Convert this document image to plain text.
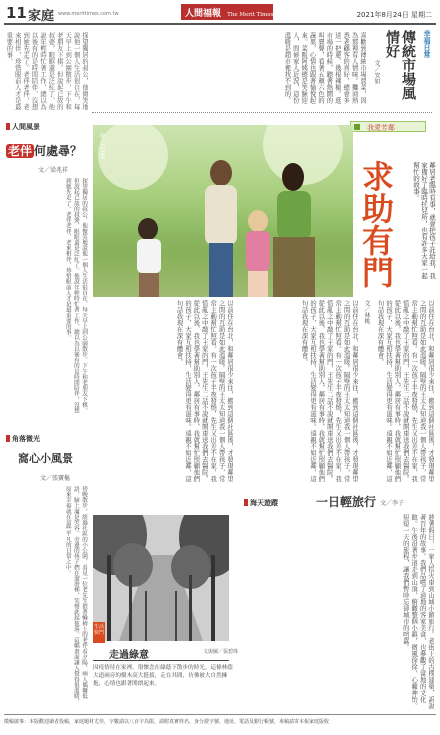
11 家庭 www.merittimes.com.tw	人間福報 The Merit Times	2021年8月24日 星期二
幸福日常
傳統市場風情好
文／安如
喜歡到傳統市場買菜，因為那裡有人情味。攤商熟悉老顧客的喜好，總會多送一把蔥、幾根辣椒。逛市場的時候，聽著熱鬧的叫賣聲，看著五顏六色的蔬果，心情也跟著愉悅起來。菜販阿姨總是笑臉迎人，問候家人近況，這份溫暖是超市裡找不到的。
探望獨居的叔公，他微笑地說他一個人生活很自在，每天早上到公園散步，下午和老朋友下棋。但說起已故的叔婆，眼眶還是泛紅了。他說年輕時忙著工作，總以為以後有的是時間陪伴，沒想到她先走了。老伴老伴，老來相伴，珍惜眼前人才是最重要的事。
我愛芳鄰
圖／123RF
求助有門	鄰居老臨時有事，就會把孩子託給我，我家備好了臨時托兒所，也有許多大家一起幫忙的故事。
文／林桃
以前住在台北，和鄰居很少來往，搬到這個社區後，才發現鄰里之間的互助是如此溫暖。隔壁的王太太知道我一個人帶孩子，常常主動幫忙照看。有一次孩子半夜發燒，先生又出差不在家，我慌亂之中敲了王家的門，王先生二話不說就開車送我們去醫院。從此以後，我也學著幫助別人，鄰居有事時，我就幫忙照顧他們的孩子，大家互相扶持，生活變得更有滋味。遠親不如近鄰，這句話我現在深有體會。
以前住在台北，和鄰居很少來往，搬到這個社區後，才發現鄰里之間的互助是如此溫暖。隔壁的王太太知道我一個人帶孩子，常常主動幫忙照看。有一次孩子半夜發燒，先生又出差不在家，我慌亂之中敲了王家的門，王先生二話不說就開車送我們去醫院。從此以後，我也學著幫助別人，鄰居有事時，我就幫忙照顧他們的孩子，大家互相扶持，生活變得更有滋味。遠親不如近鄰，這句話我現在深有體會。	以前住在台北，和鄰居很少來往，搬到這個社區後，才發現鄰里之間的互助是如此溫暖。隔壁的王太太知道我一個人帶孩子，常常主動幫忙照看。有一次孩子半夜發燒，先生又出差不在家，我慌亂之中敲了王家的門，王先生二話不說就開車送我們去醫院。從此以後，我也學著幫助別人，鄰居有事時，我就幫忙照顧他們的孩子，大家互相扶持，生活變得更有滋味。遠親不如近鄰，這句話我現在深有體會。
人間風景
老伴 何處尋？
文／梁兆祥
探望獨居的叔公，他微笑地說他一個人生活很自在，每天早上到公園散步，下午和老朋友下棋。但說起已故的叔婆，眼眶還是泛紅了。他說年輕時忙著工作，總以為以後有的是時間陪伴，沒想到她先走了。老伴老伴，老來相伴，珍惜眼前人才是最重要的事。
角落微光
窩心小風景
文／張寶樞
傍晚散步，經過社區的小公園，看見一位老先生推著輪椅上的老伴看夕陽，兩人偶爾低語，臉上滿是笑容。旁邊的孩子們在溜滑梯，笑聲此起彼落。這幅畫面讓人覺得很溫暖，原來幸福就在這些平凡的日常之中。	海天遊蹤	一日輕旅行 文／李子
趁著假日，一家人搭火車到山城小鎮旅行。老街上的古樸建築，訴說著百年的故事。我們品嚐了道地的客家美食，也參觀了當地的文化館。午後沿著步道走到山頂，俯瞰整個小鎮，微風徐徐，心曠神怡。短短一天的旅程，讓我們暫時忘卻城市的喧囂。
生活快門
走過綠意	文與圖／張碧珠
因疫情待在家裡，很懷念在綠蔭下散步的時光。這條林蔭大道兩旁的樹木高大挺拔，走在其間，彷彿被大自然擁抱，心情也跟著開朗起來。
徵稿啟事：本版歡迎讀者投稿，家庭題材尤佳，字數請以八百字為限，請附真實姓名、身分證字號、地址、電話及銀行帳號，來稿請寄本報家庭版收
